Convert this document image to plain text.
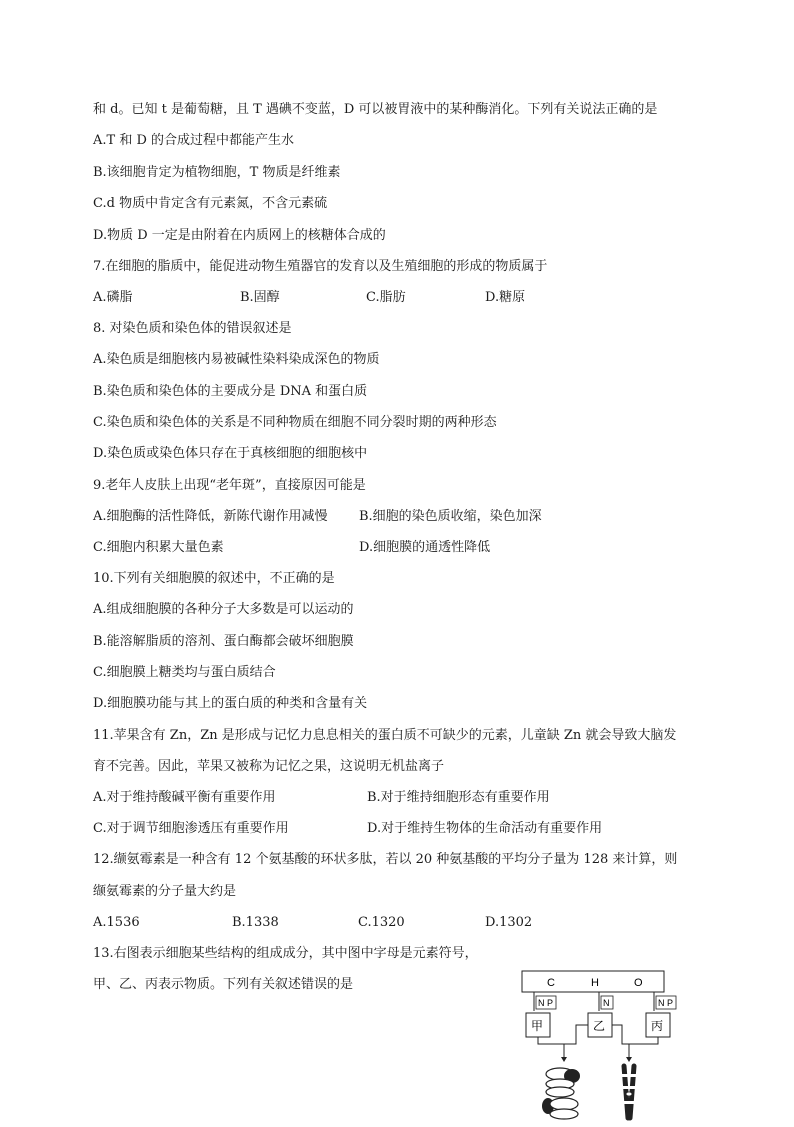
和 d。已知 t 是葡萄糖，且 T 遇碘不变蓝，D 可以被胃液中的某种酶消化。下列有关说法正确的是
A.T 和 D 的合成过程中都能产生水
B.该细胞肯定为植物细胞，T 物质是纤维素
C.d 物质中肯定含有元素氮，不含元素硫
D.物质 D 一定是由附着在内质网上的核糖体合成的
7.在细胞的脂质中，能促进动物生殖器官的发育以及生殖细胞的形成的物质属于
A.磷脂	B.固醇	C.脂肪	D.糖原
8. 对染色质和染色体的错误叙述是
A.染色质是细胞核内易被碱性染料染成深色的物质
B.染色质和染色体的主要成分是 DNA 和蛋白质
C.染色质和染色体的关系是不同种物质在细胞不同分裂时期的两种形态
D.染色质或染色体只存在于真核细胞的细胞核中
9.老年人皮肤上出现“老年斑”，直接原因可能是
A.细胞酶的活性降低，新陈代谢作用减慢 B.细胞的染色质收缩，染色加深
C.细胞内积累大量色素	D.细胞膜的通透性降低
10.下列有关细胞膜的叙述中，不正确的是
A.组成细胞膜的各种分子大多数是可以运动的
B.能溶解脂质的溶剂、蛋白酶都会破坏细胞膜
C.细胞膜上糖类均与蛋白质结合
D.细胞膜功能与其上的蛋白质的种类和含量有关
11.苹果含有 Zn，Zn 是形成与记忆力息息相关的蛋白质不可缺少的元素，儿童缺 Zn 就会导致大脑发
育不完善。因此，苹果又被称为记忆之果，这说明无机盐离子
A.对于维持酸碱平衡有重要作用	B.对于维持细胞形态有重要作用
C.对于调节细胞渗透压有重要作用	D.对于维持生物体的生命活动有重要作用
12.缬氨霉素是一种含有 12 个氨基酸的环状多肽，若以 20 种氨基酸的平均分子量为 128 来计算，则
缬氨霉素的分子量大约是
A.1536	B.1338	C.1320	D.1302
13.右图表示细胞某些结构的组成成分，其中图中字母是元素符号，
甲、乙、丙表示物质。下列有关叙述错误的是	C	H	O
N P	N	N P
甲	乙	丙
